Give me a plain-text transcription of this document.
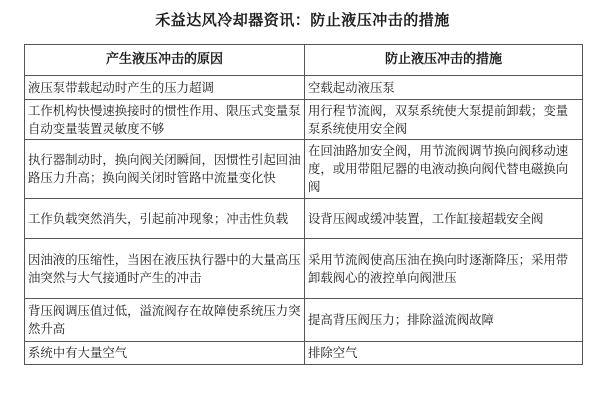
禾益达风冷却器资讯：防止液压冲击的措施
产生液压冲击的原因	防止液压冲击的措施
液压泵带载起动时产生的压力超调	空载起动液压泵
工作机构快慢速换接时的惯性作用、限压式变量泵自动变量装置灵敏度不够	用行程节流阀，双泵系统使大泵提前卸载；变量泵系统使用安全阀
执行器制动时，换向阀关闭瞬间，因惯性引起回油路压力升高；换向阀关闭时管路中流量变化快	在回油路加安全阀，用节流阀调节换向阀移动速度，或用带阻尼器的电液动换向阀代替电磁换向阀
工作负载突然消失，引起前冲现象；冲击性负载	设背压阀或缓冲装置，工作缸接超载安全阀
因油液的压缩性，当困在液压执行器中的大量高压油突然与大气接通时产生的冲击	采用节流阀使高压油在换向时逐渐降压；采用带卸载阀心的液控单向阀泄压
背压阀调压值过低，溢流阀存在故障使系统压力突然升高	提高背压阀压力；排除溢流阀故障
系统中有大量空气	排除空气
